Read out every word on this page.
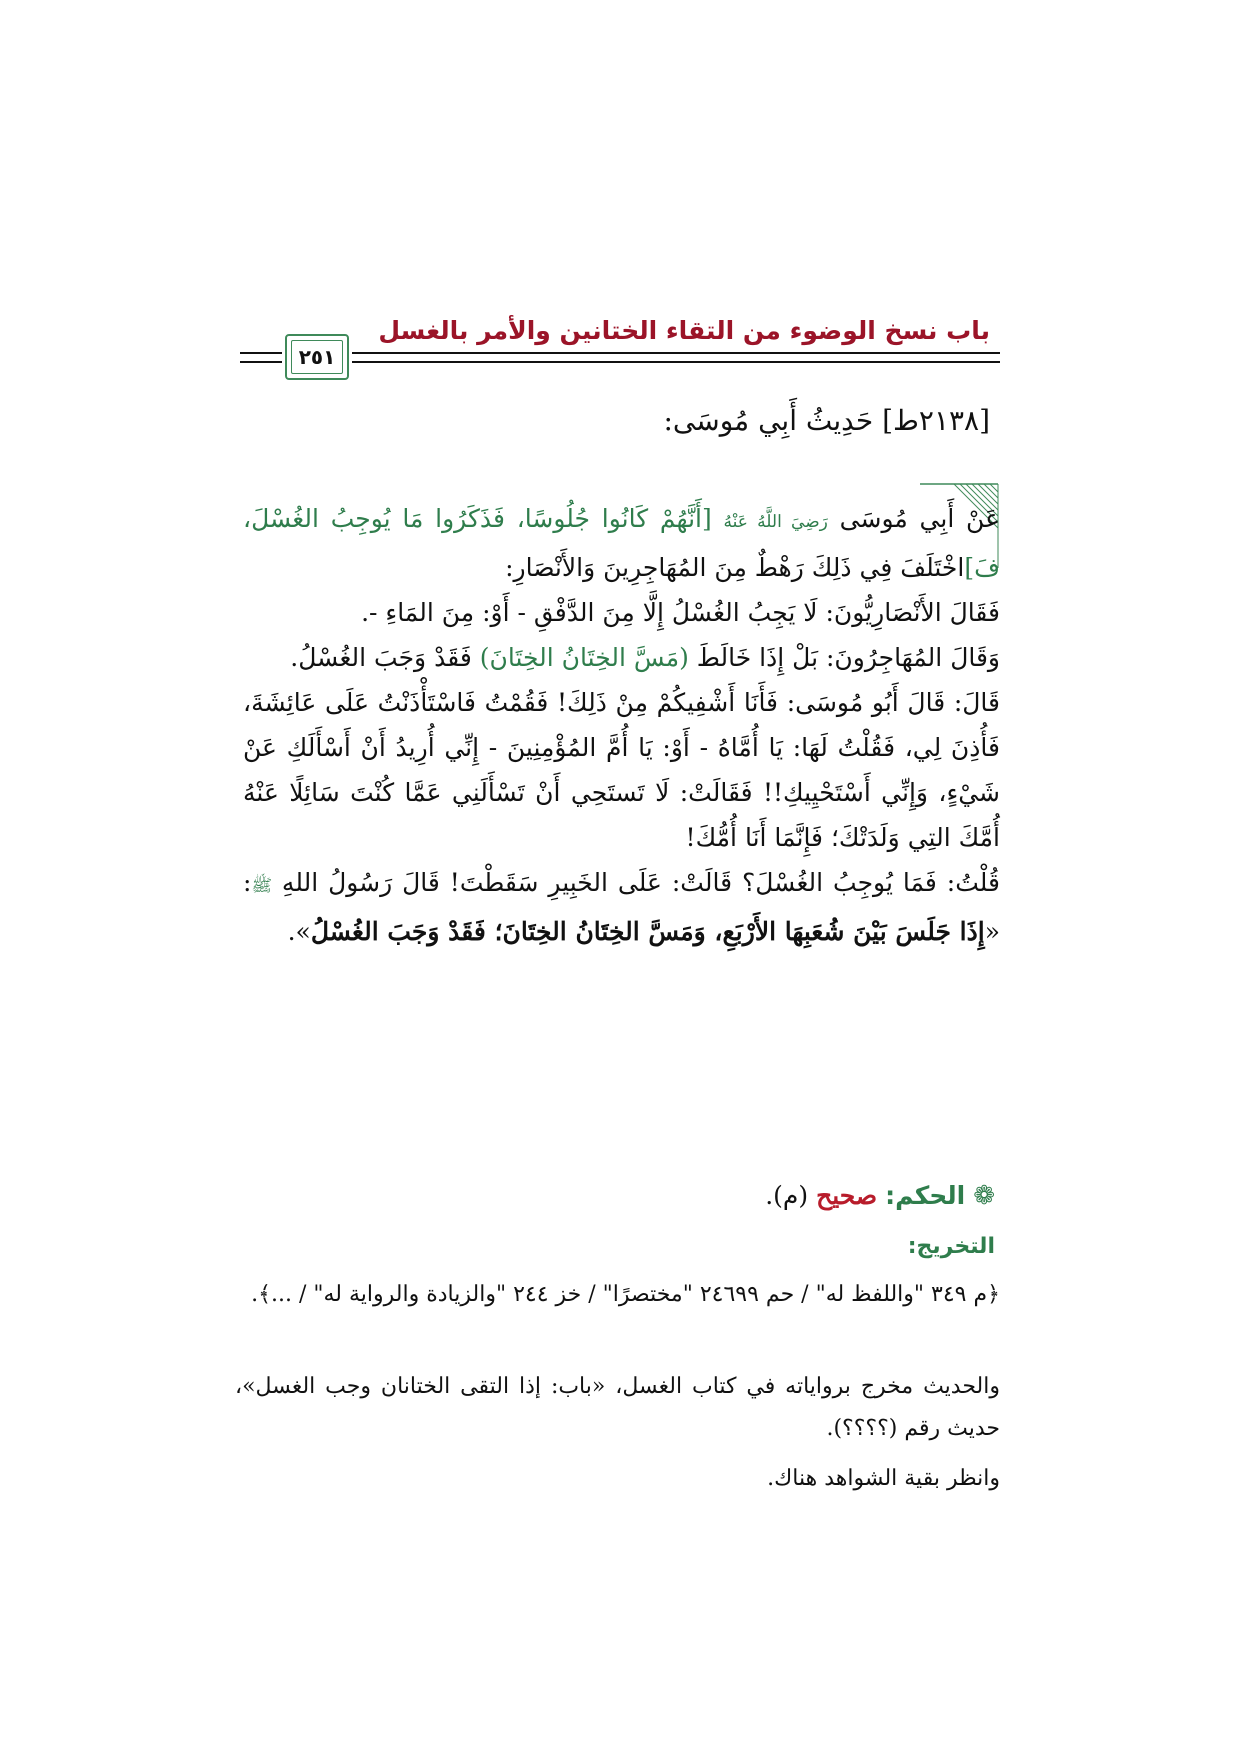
باب نسخ الوضوء من التقاء الختانين والأمر بالغسل
٢٥١
[٢١٣٨ط] حَدِيثُ أَبِي مُوسَى:

عَنْ أَبِي مُوسَى رَضِيَ اللَّهُ عَنْهُ [أَنَّهُمْ كَانُوا جُلُوسًا، فَذَكَرُوا مَا يُوجِبُ الغُسْلَ، فَ]اخْتَلَفَ فِي ذَلِكَ رَهْطٌ مِنَ المُهَاجِرِينَ وَالأَنْصَارِ:

فَقَالَ الأَنْصَارِيُّونَ: لَا يَجِبُ الغُسْلُ إِلَّا مِنَ الدَّفْقِ - أَوْ: مِنَ المَاءِ -.

وَقَالَ المُهَاجِرُونَ: بَلْ إِذَا خَالَطَ (مَسَّ الخِتَانُ الخِتَانَ) فَقَدْ وَجَبَ الغُسْلُ.

قَالَ: قَالَ أَبُو مُوسَى: فَأَنَا أَشْفِيكُمْ مِنْ ذَلِكَ! فَقُمْتُ فَاسْتَأْذَنْتُ عَلَى عَائِشَةَ، فَأُذِنَ لِي، فَقُلْتُ لَهَا: يَا أُمَّاهُ - أَوْ: يَا أُمَّ المُؤْمِنِينَ - إِنِّي أُرِيدُ أَنْ أَسْأَلَكِ عَنْ شَيْءٍ، وَإِنِّي أَسْتَحْيِيكِ!! فَقَالَتْ: لَا تَستَحِي أَنْ تَسْأَلَنِي عَمَّا كُنْتَ سَائِلًا عَنْهُ أُمَّكَ التِي وَلَدَتْكَ؛ فَإِنَّمَا أَنَا أُمُّكَ!

قُلْتُ: فَمَا يُوجِبُ الغُسْلَ؟ قَالَتْ: عَلَى الخَبِيرِ سَقَطْتَ! قَالَ رَسُولُ اللهِ ﷺ: «إِذَا جَلَسَ بَيْنَ شُعَبِهَا الأَرْبَعِ، وَمَسَّ الخِتَانُ الخِتَانَ؛ فَقَدْ وَجَبَ الغُسْلُ».

❁ الحكم: صحيح (م).
التخريج:

﴿م ٣٤٩ "واللفظ له" / حم ٢٤٦٩٩ "مختصرًا" / خز ٢٤٤ "والزيادة والرواية له" / ...﴾.

والحديث مخرج برواياته في كتاب الغسل، «باب: إذا التقى الختانان وجب الغسل»، حديث رقم (؟؟؟؟).

وانظر بقية الشواهد هناك.
